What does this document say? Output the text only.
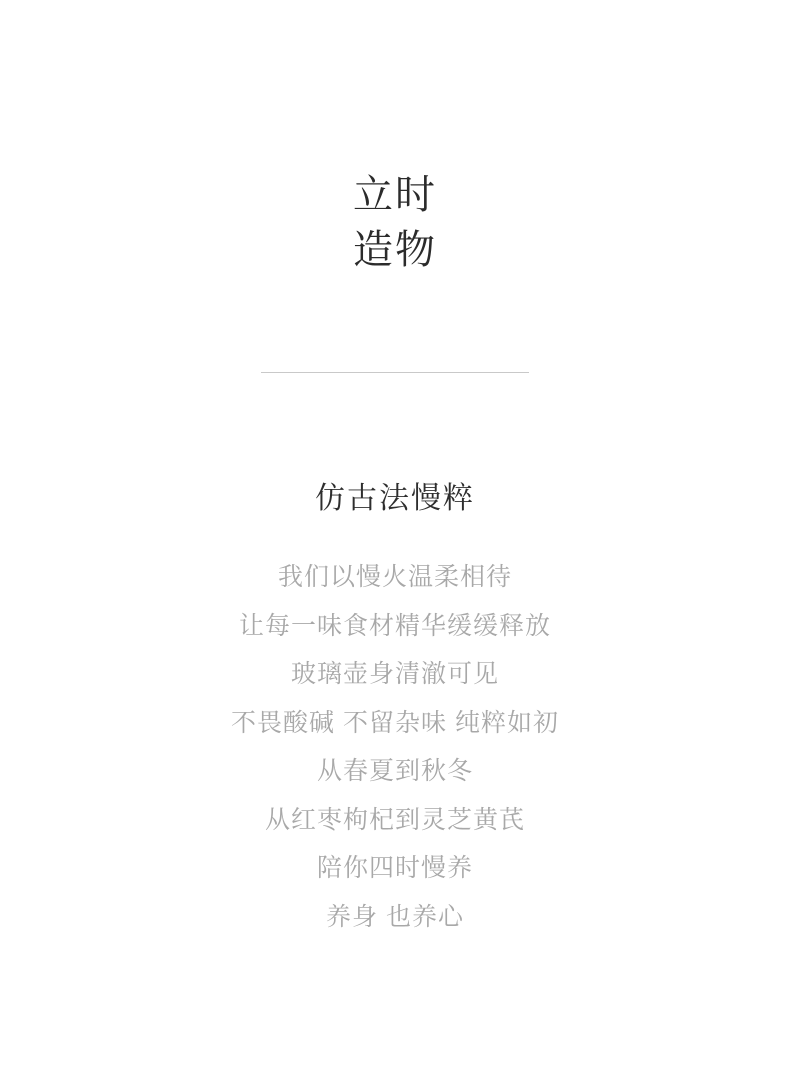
立时
造物
仿古法慢粹
我们以慢火温柔相待
让每一味食材精华缓缓释放
玻璃壶身清澈可见
不畏酸碱 不留杂味 纯粹如初
从春夏到秋冬
从红枣枸杞到灵芝黄芪
陪你四时慢养
养身 也养心
